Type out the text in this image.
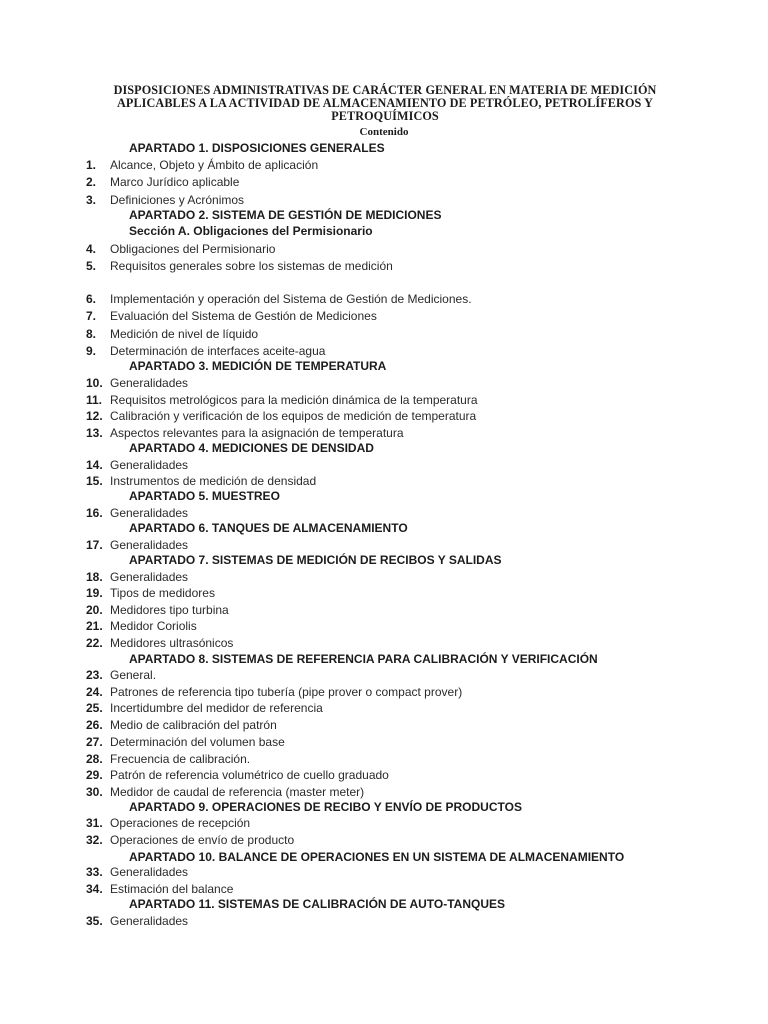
DISPOSICIONES ADMINISTRATIVAS DE CARÁCTER GENERAL EN MATERIA DE MEDICIÓN
APLICABLES A LA ACTIVIDAD DE ALMACENAMIENTO DE PETRÓLEO, PETROLÍFEROS Y
PETROQUÍMICOS
Contenido
APARTADO 1. DISPOSICIONES GENERALES
1.	Alcance, Objeto y Ámbito de aplicación
2.	Marco Jurídico aplicable
3.	Definiciones y Acrónimos
APARTADO 2. SISTEMA DE GESTIÓN DE MEDICIONES
Sección A. Obligaciones del Permisionario
4.	Obligaciones del Permisionario
5.	Requisitos generales sobre los sistemas de medición
6.	Implementación y operación del Sistema de Gestión de Mediciones.
7.	Evaluación del Sistema de Gestión de Mediciones
8.	Medición de nivel de líquido
9.	Determinación de interfaces aceite-agua
APARTADO 3. MEDICIÓN DE TEMPERATURA
10. Generalidades
11. Requisitos metrológicos para la medición dinámica de la temperatura
12. Calibración y verificación de los equipos de medición de temperatura
13. Aspectos relevantes para la asignación de temperatura
APARTADO 4. MEDICIONES DE DENSIDAD
14. Generalidades
15. Instrumentos de medición de densidad
APARTADO 5. MUESTREO
16. Generalidades
APARTADO 6. TANQUES DE ALMACENAMIENTO
17. Generalidades
APARTADO 7. SISTEMAS DE MEDICIÓN DE RECIBOS Y SALIDAS
18. Generalidades
19. Tipos de medidores
20. Medidores tipo turbina
21. Medidor Coriolis
22. Medidores ultrasónicos
APARTADO 8. SISTEMAS DE REFERENCIA PARA CALIBRACIÓN Y VERIFICACIÓN
23. General.
24. Patrones de referencia tipo tubería (pipe prover o compact prover)
25. Incertidumbre del medidor de referencia
26. Medio de calibración del patrón
27. Determinación del volumen base
28. Frecuencia de calibración.
29. Patrón de referencia volumétrico de cuello graduado
30. Medidor de caudal de referencia (master meter)
APARTADO 9. OPERACIONES DE RECIBO Y ENVÍO DE PRODUCTOS
31. Operaciones de recepción
32. Operaciones de envío de producto
APARTADO 10. BALANCE DE OPERACIONES EN UN SISTEMA DE ALMACENAMIENTO
33. Generalidades
34. Estimación del balance
APARTADO 11. SISTEMAS DE CALIBRACIÓN DE AUTO-TANQUES
35. Generalidades
